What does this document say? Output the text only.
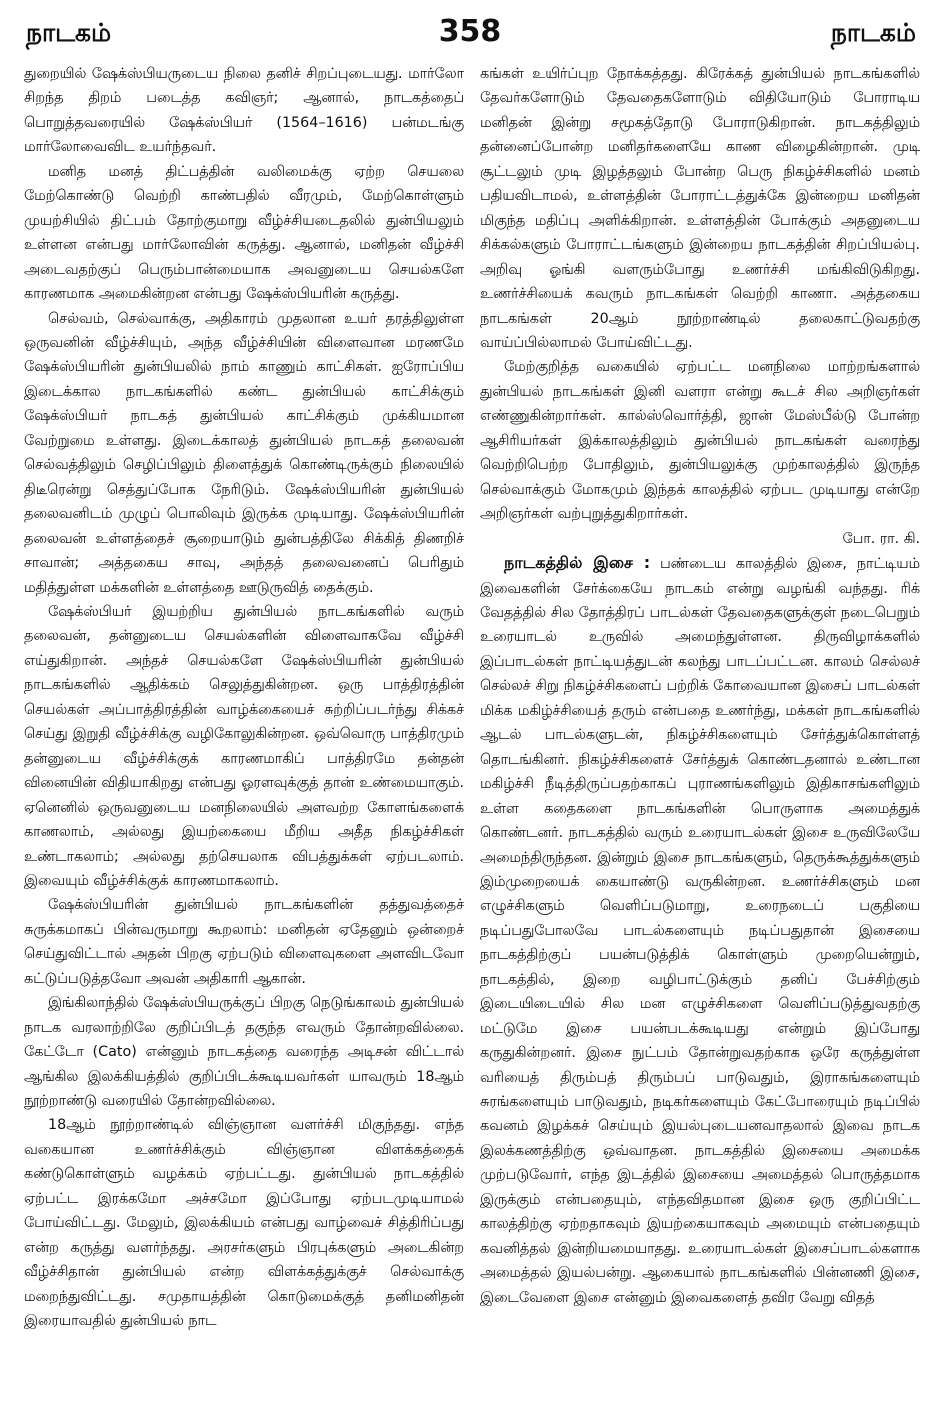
நாடகம்	358	நாடகம்

துறையில் ஷேக்ஸ்பியருடைய நிலை தனிச் சிறப்புடையது. மார்லோ சிறந்த திறம் படைத்த கவிஞர்; ஆனால், நாடகத்தைப் பொறுத்தவரையில் ஷேக்ஸ்பியர் (1564–1616) பன்மடங்கு மார்லோவைவிட உயர்ந்தவர்.

மனித மனத் திட்பத்தின் வலிமைக்கு ஏற்ற செயலை மேற்கொண்டு வெற்றி காண்பதில் வீரமும், மேற்கொள்ளும் முயற்சியில் திட்பம் தோற்குமாறு வீழ்ச்சியடைதலில் துன்பியலும் உள்ளன என்பது மார்லோவின் கருத்து. ஆனால், மனிதன் வீழ்ச்சி அடைவதற்குப் பெரும்பான்மையாக அவனுடைய செயல்களே காரணமாக அமைகின்றன என்பது ஷேக்ஸ்பியரின் கருத்து.

செல்வம், செல்வாக்கு, அதிகாரம் முதலான உயர் தரத்திலுள்ள ஒருவனின் வீழ்ச்சியும், அந்த வீழ்ச்சியின் விளைவான மரணமே ஷேக்ஸ்பியரின் துன்பியலில் நாம் காணும் காட்சிகள். ஐரோப்பிய இடைக்கால நாடகங்களில் கண்ட துன்பியல் காட்சிக்கும் ஷேக்ஸ்பியர் நாடகத் துன்பியல் காட்சிக்கும் முக்கியமான வேற்றுமை உள்ளது. இடைக்காலத் துன்பியல் நாடகத் தலைவன் செல்வத்திலும் செழிப்பிலும் திளைத்துக் கொண்டிருக்கும் நிலையில் திடீரென்று செத்துப்போக நேரிடும். ஷேக்ஸ்பியரின் துன்பியல் தலைவனிடம் முழுப் பொலிவும் இருக்க முடியாது. ஷேக்ஸ்பியரின் தலைவன் உள்ளத்தைச் சூறையாடும் துன்பத்திலே சிக்கித் திணறிச் சாவான்; அத்தகைய சாவு, அந்தத் தலைவனைப் பெரிதும் மதித்துள்ள மக்களின் உள்ளத்தை ஊடுருவித் தைக்கும்.

ஷேக்ஸ்பியர் இயற்றிய துன்பியல் நாடகங்களில் வரும் தலைவன், தன்னுடைய செயல்களின் விளைவாகவே வீழ்ச்சி எய்துகிறான். அந்தச் செயல்களே ஷேக்ஸ்பியரின் துன்பியல் நாடகங்களில் ஆதிக்கம் செலுத்துகின்றன. ஒரு பாத்திரத்தின் செயல்கள் அப்பாத்திரத்தின் வாழ்க்கையைச் சுற்றிப்படர்ந்து சிக்கச் செய்து இறுதி வீழ்ச்சிக்கு வழிகோலுகின்றன. ஒவ்வொரு பாத்திரமும் தன்னுடைய வீழ்ச்சிக்குக் காரணமாகிப் பாத்திரமே தன்தன் வினையின் விதியாகிறது என்பது ஓரளவுக்குத் தான் உண்மையாகும். ஏனெனில் ஒருவனுடைய மனநிலையில் அளவற்ற கோளங்களைக் காணலாம், அல்லது இயற்கையை மீறிய அதீத நிகழ்ச்சிகள் உண்டாகலாம்; அல்லது தற்செயலாக விபத்துக்கள் ஏற்படலாம். இவையும் வீழ்ச்சிக்குக் காரணமாகலாம்.

ஷேக்ஸ்பியரின் துன்பியல் நாடகங்களின் தத்துவத்தைச் சுருக்கமாகப் பின்வருமாறு கூறலாம்: மனிதன் ஏதேனும் ஒன்றைச் செய்துவிட்டால் அதன் பிறகு ஏற்படும் விளைவுகளை அளவிடவோ கட்டுப்படுத்தவோ அவன் அதிகாரி ஆகான்.

இங்கிலாந்தில் ஷேக்ஸ்பியருக்குப் பிறகு நெடுங்காலம் துன்பியல் நாடக வரலாற்றிலே குறிப்பிடத் தகுந்த எவரும் தோன்றவில்லை. கேட்டோ (Cato) என்னும் நாடகத்தை வரைந்த அடிசன் விட்டால் ஆங்கில இலக்கியத்தில் குறிப்பிடக்கூடியவர்கள் யாவரும் 18ஆம் நூற்றாண்டு வரையில் தோன்றவில்லை.

18ஆம் நூற்றாண்டில் விஞ்ஞான வளர்ச்சி மிகுந்தது. எந்த வகையான உணர்ச்சிக்கும் விஞ்ஞான விளக்கத்தைக் கண்டுகொள்ளும் வழக்கம் ஏற்பட்டது. துன்பியல் நாடகத்தில் ஏற்பட்ட இரக்கமோ அச்சமோ இப்போது ஏற்படமுடியாமல் போய்விட்டது. மேலும், இலக்கியம் என்பது வாழ்வைச் சித்திரிப்பது என்ற கருத்து வளர்ந்தது. அரசர்களும் பிரபுக்களும் அடைகின்ற வீழ்ச்சிதான் துன்பியல் என்ற விளக்கத்துக்குச் செல்வாக்கு மறைந்துவிட்டது. சமுதாயத்தின் கொடுமைக்குத் தனிமனிதன் இரையாவதில் துன்பியல் நாட

கங்கள் உயிர்ப்புற நோக்கத்தது. கிரேக்கத் துன்பியல் நாடகங்களில் தேவர்களோடும் தேவதைகளோடும் விதியோடும் போராடிய மனிதன் இன்று சமூகத்தோடு போராடுகிறான். நாடகத்திலும் தன்னைப்போன்ற மனிதர்களையே காண விழைகின்றான். முடி சூட்டலும் முடி இழத்தலும் போன்ற பெரு நிகழ்ச்சிகளில் மனம் பதியவிடாமல், உள்ளத்தின் போராட்டத்துக்கே இன்றைய மனிதன் மிகுந்த மதிப்பு அளிக்கிறான். உள்ளத்தின் போக்கும் அதனுடைய சிக்கல்களும் போராட்டங்களும் இன்றைய நாடகத்தின் சிறப்பியல்பு. அறிவு ஓங்கி வளரும்போது உணர்ச்சி மங்கிவிடுகிறது. உணர்ச்சியைக் கவரும் நாடகங்கள் வெற்றி காணா. அத்தகைய நாடகங்கள் 20ஆம் நூற்றாண்டில் தலைகாட்டுவதற்கு வாய்ப்பில்லாமல் போய்விட்டது.

மேற்குறித்த வகையில் ஏற்பட்ட மனநிலை மாற்றங்களால் துன்பியல் நாடகங்கள் இனி வளரா என்று கூடச் சில அறிஞர்கள் எண்ணுகின்றார்கள். கால்ஸ்வொர்த்தி, ஜான் மேஸ்பீல்டு போன்ற ஆசிரியர்கள் இக்காலத்திலும் துன்பியல் நாடகங்கள் வரைந்து வெற்றிபெற்ற போதிலும், துன்பியலுக்கு முற்காலத்தில் இருந்த செல்வாக்கும் மோகமும் இந்தக் காலத்தில் ஏற்பட முடியாது என்றே அறிஞர்கள் வற்புறுத்துகிறார்கள்.

போ. ரா. கி.

நாடகத்தில் இசை : பண்டைய காலத்தில் இசை, நாட்டியம் இவைகளின் சேர்க்கையே நாடகம் என்று வழங்கி வந்தது. ரிக் வேதத்தில் சில தோத்திரப் பாடல்கள் தேவதைகளுக்குள் நடைபெறும் உரையாடல் உருவில் அமைந்துள்ளன. திருவிழாக்களில் இப்பாடல்கள் நாட்டியத்துடன் கலந்து பாடப்பட்டன. காலம் செல்லச் செல்லச் சிறு நிகழ்ச்சிகளைப் பற்றிக் கோவையான இசைப் பாடல்கள் மிக்க மகிழ்ச்சியைத் தரும் என்பதை உணர்ந்து, மக்கள் நாடகங்களில் ஆடல் பாடல்களுடன், நிகழ்ச்சிகளையும் சேர்த்துக்கொள்ளத் தொடங்கினர். நிகழ்ச்சிகளைச் சேர்த்துக் கொண்டதனால் உண்டான மகிழ்ச்சி நீடித்திருப்பதற்காகப் புராணங்களிலும் இதிகாசங்களிலும் உள்ள கதைகளை நாடகங்களின் பொருளாக அமைத்துக் கொண்டனர். நாடகத்தில் வரும் உரையாடல்கள் இசை உருவிலேயே அமைந்திருந்தன. இன்றும் இசை நாடகங்களும், தெருக்கூத்துக்களும் இம்முறையைக் கையாண்டு வருகின்றன. உணர்ச்சிகளும் மன எழுச்சிகளும் வெளிப்படுமாறு, உரைநடைப் பகுதியை நடிப்பதுபோலவே பாடல்களையும் நடிப்பதுதான் இசையை நாடகத்திற்குப் பயன்படுத்திக் கொள்ளும் முறையென்றும், நாடகத்தில், இறை வழிபாட்டுக்கும் தனிப் பேச்சிற்கும் இடையிடையில் சில மன எழுச்சிகளை வெளிப்படுத்துவதற்கு மட்டுமே இசை பயன்படக்கூடியது என்றும் இப்போது கருதுகின்றனர். இசை நுட்பம் தோன்றுவதற்காக ஒரே கருத்துள்ள வரியைத் திரும்பத் திரும்பப் பாடுவதும், இராகங்களையும் சுரங்களையும் பாடுவதும், நடிகர்களையும் கேட்போரையும் நடிப்பில் கவனம் இழக்கச் செய்யும் இயல்புடையனவாதலால் இவை நாடக இலக்கணத்திற்கு ஒவ்வாதன. நாடகத்தில் இசையை அமைக்க முற்படுவோர், எந்த இடத்தில் இசையை அமைத்தல் பொருத்தமாக இருக்கும் என்பதையும், எந்தவிதமான இசை ஒரு குறிப்பிட்ட காலத்திற்கு ஏற்றதாகவும் இயற்கையாகவும் அமையும் என்பதையும் கவனித்தல் இன்றியமையாதது. உரையாடல்கள் இசைப்பாடல்களாக அமைத்தல் இயல்பன்று. ஆகையால் நாடகங்களில் பின்னணி இசை, இடைவேளை இசை என்னும் இவைகளைத் தவிர வேறு விதத்
